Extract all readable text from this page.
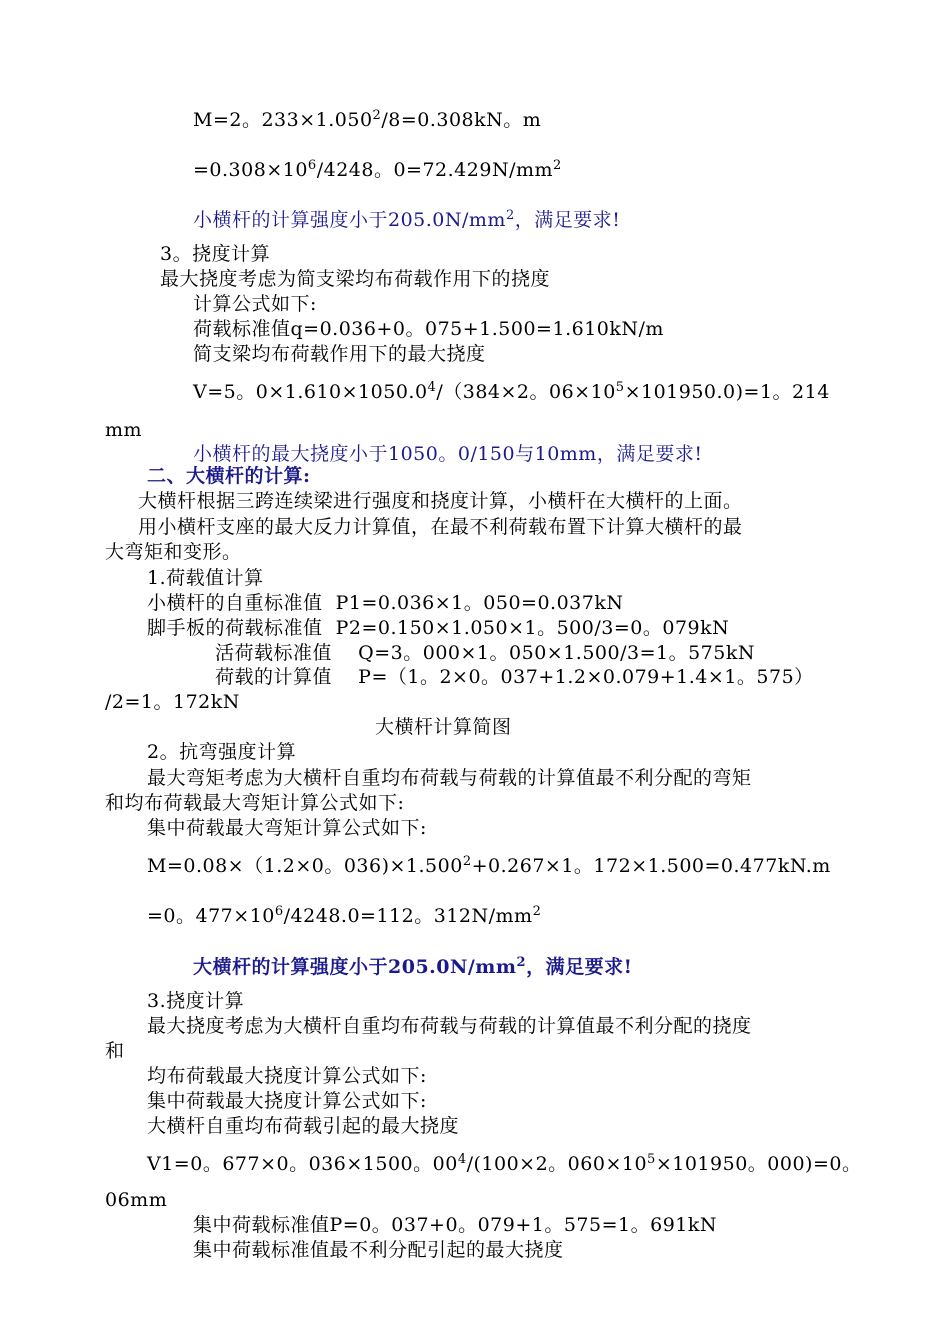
M=2。$233\times 1.050^2/8=0.308kN$。m
$=0.308\times 10^6/4248$。$0=72.429N/mm^2$
小横杆的计算强度小于$205.0N/mm^2$，满足要求!
3。挠度计算
最大挠度考虑为简支梁均布荷载作用下的挠度
计算公式如下:
荷载标准值q=0.036+0。075+1.500=1.610kN/m
简支梁均布荷载作用下的最大挠度
V=5。$0\times 1.610\times 1050.0^4/(384\times 2$。$06\times 10^5\times 101950.0)=1$。214
mm
小横杆的最大挠度小于1050。0/150与10mm，满足要求!
二、大横杆的计算:
大横杆根据三跨连续梁进行强度和挠度计算，小横杆在大横杆的上面。
用小横杆支座的最大反力计算值，在最不利荷载布置下计算大横杆的最
大弯矩和变形。
1.荷载值计算
小横杆的自重标准值  P1=0.036×1。050=0.037kN
脚手板的荷载标准值  P2=0.150×1.050×1。500/3=0。079kN
活荷载标准值    Q=3。000×1。050×1.500/3=1。575kN
荷载的计算值    P=（1。2×0。037+1.2×0.079+1.4×1。575）
/2=1。172kN
大横杆计算简图
2。抗弯强度计算
最大弯矩考虑为大横杆自重均布荷载与荷载的计算值最不利分配的弯矩
和均布荷载最大弯矩计算公式如下:
集中荷载最大弯矩计算公式如下:
M=0.08×（1.2×0。$036)\times 1.500^2+0.267\times 1$。172×1.500=0.477kN.m
=0。$477\times 10^6/4248.0=112$。$312N/mm^2$
大横杆的计算强度小于$205.0N/mm^2$，满足要求!
3.挠度计算
最大挠度考虑为大横杆自重均布荷载与荷载的计算值最不利分配的挠度
和
均布荷载最大挠度计算公式如下:
集中荷载最大挠度计算公式如下:
大横杆自重均布荷载引起的最大挠度
V1=0。677×0。036×1500。$00^4/(100\times 2$。$060\times 10^5\times 101950$。000)=0。
06mm
集中荷载标准值P=0。037+0。079+1。575=1。691kN
集中荷载标准值最不利分配引起的最大挠度
